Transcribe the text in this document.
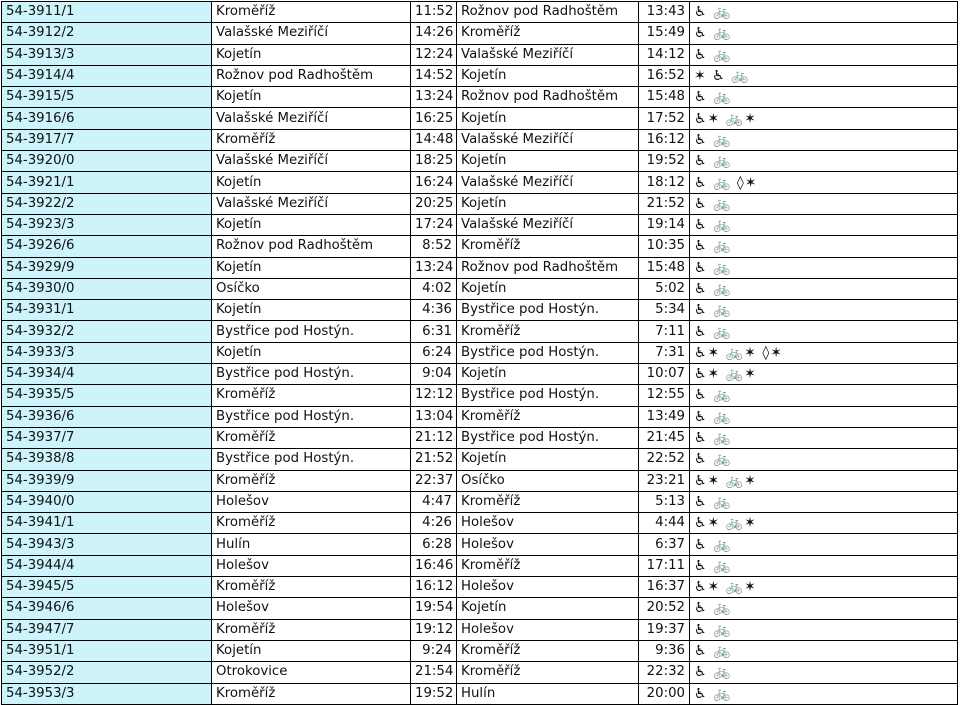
54-3911/1	Kroměříž	11:52	Rožnov pod Radhoštěm	13:43	♿ 🚲
54-3912/2	Valašské Meziříčí	14:26	Kroměříž	15:49	♿ 🚲
54-3913/3	Kojetín	12:24	Valašské Meziříčí	14:12	♿ 🚲
54-3914/4	Rožnov pod Radhoštěm	14:52	Kojetín	16:52	✶ ♿ 🚲
54-3915/5	Kojetín	13:24	Rožnov pod Radhoštěm	15:48	♿ 🚲
54-3916/6	Valašské Meziříčí	16:25	Kojetín	17:52	♿✶ 🚲✶
54-3917/7	Kroměříž	14:48	Valašské Meziříčí	16:12	♿ 🚲
54-3920/0	Valašské Meziříčí	18:25	Kojetín	19:52	♿ 🚲
54-3921/1	Kojetín	16:24	Valašské Meziříčí	18:12	♿ 🚲 ◊✶
54-3922/2	Valašské Meziříčí	20:25	Kojetín	21:52	♿ 🚲
54-3923/3	Kojetín	17:24	Valašské Meziříčí	19:14	♿ 🚲
54-3926/6	Rožnov pod Radhoštěm	8:52	Kroměříž	10:35	♿ 🚲
54-3929/9	Kojetín	13:24	Rožnov pod Radhoštěm	15:48	♿ 🚲
54-3930/0	Osíčko	4:02	Kojetín	5:02	♿ 🚲
54-3931/1	Kojetín	4:36	Bystřice pod Hostýn.	5:34	♿ 🚲
54-3932/2	Bystřice pod Hostýn.	6:31	Kroměříž	7:11	♿ 🚲
54-3933/3	Kojetín	6:24	Bystřice pod Hostýn.	7:31	♿✶ 🚲✶ ◊✶
54-3934/4	Bystřice pod Hostýn.	9:04	Kojetín	10:07	♿✶ 🚲✶
54-3935/5	Kroměříž	12:12	Bystřice pod Hostýn.	12:55	♿ 🚲
54-3936/6	Bystřice pod Hostýn.	13:04	Kroměříž	13:49	♿ 🚲
54-3937/7	Kroměříž	21:12	Bystřice pod Hostýn.	21:45	♿ 🚲
54-3938/8	Bystřice pod Hostýn.	21:52	Kojetín	22:52	♿ 🚲
54-3939/9	Kroměříž	22:37	Osíčko	23:21	♿✶ 🚲✶
54-3940/0	Holešov	4:47	Kroměříž	5:13	♿ 🚲
54-3941/1	Kroměříž	4:26	Holešov	4:44	♿✶ 🚲✶
54-3943/3	Hulín	6:28	Holešov	6:37	♿ 🚲
54-3944/4	Holešov	16:46	Kroměříž	17:11	♿ 🚲
54-3945/5	Kroměříž	16:12	Holešov	16:37	♿✶ 🚲✶
54-3946/6	Holešov	19:54	Kojetín	20:52	♿ 🚲
54-3947/7	Kroměříž	19:12	Holešov	19:37	♿ 🚲
54-3951/1	Kojetín	9:24	Kroměříž	9:36	♿ 🚲
54-3952/2	Otrokovice	21:54	Kroměříž	22:32	♿ 🚲
54-3953/3	Kroměříž	19:52	Hulín	20:00	♿ 🚲
